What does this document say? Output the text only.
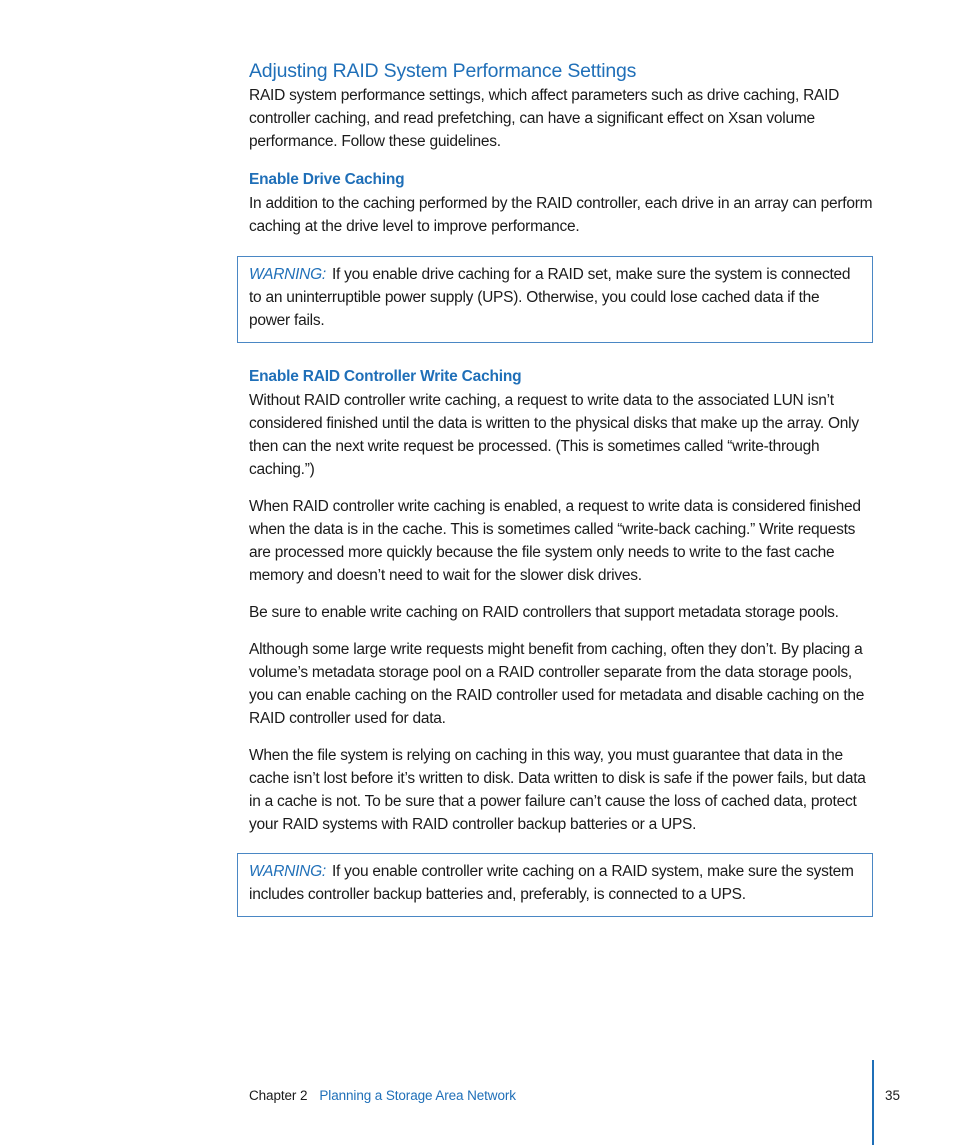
Adjusting RAID System Performance Settings

RAID system performance settings, which affect parameters such as drive caching, RAID controller caching, and read prefetching, can have a significant effect on Xsan volume performance. Follow these guidelines.

Enable Drive Caching

In addition to the caching performed by the RAID controller, each drive in an array can perform caching at the drive level to improve performance.

WARNING: If you enable drive caching for a RAID set, make sure the system is connected to an uninterruptible power supply (UPS). Otherwise, you could lose cached data if the power fails.

Enable RAID Controller Write Caching

Without RAID controller write caching, a request to write data to the associated LUN isn’t considered finished until the data is written to the physical disks that make up the array. Only then can the next write request be processed. (This is sometimes called “write-through caching.”)

When RAID controller write caching is enabled, a request to write data is considered finished when the data is in the cache. This is sometimes called “write-back caching.” Write requests are processed more quickly because the file system only needs to write to the fast cache memory and doesn’t need to wait for the slower disk drives.

Be sure to enable write caching on RAID controllers that support metadata storage pools.

Although some large write requests might benefit from caching, often they don’t. By placing a volume’s metadata storage pool on a RAID controller separate from the data storage pools, you can enable caching on the RAID controller used for metadata and disable caching on the RAID controller used for data.

When the file system is relying on caching in this way, you must guarantee that data in the cache isn’t lost before it’s written to disk. Data written to disk is safe if the power fails, but data in a cache is not. To be sure that a power failure can’t cause the loss of cached data, protect your RAID systems with RAID controller backup batteries or a UPS.

WARNING: If you enable controller write caching on a RAID system, make sure the system includes controller backup batteries and, preferably, is connected to a UPS.

Chapter 2 Planning a Storage Area Network	35
